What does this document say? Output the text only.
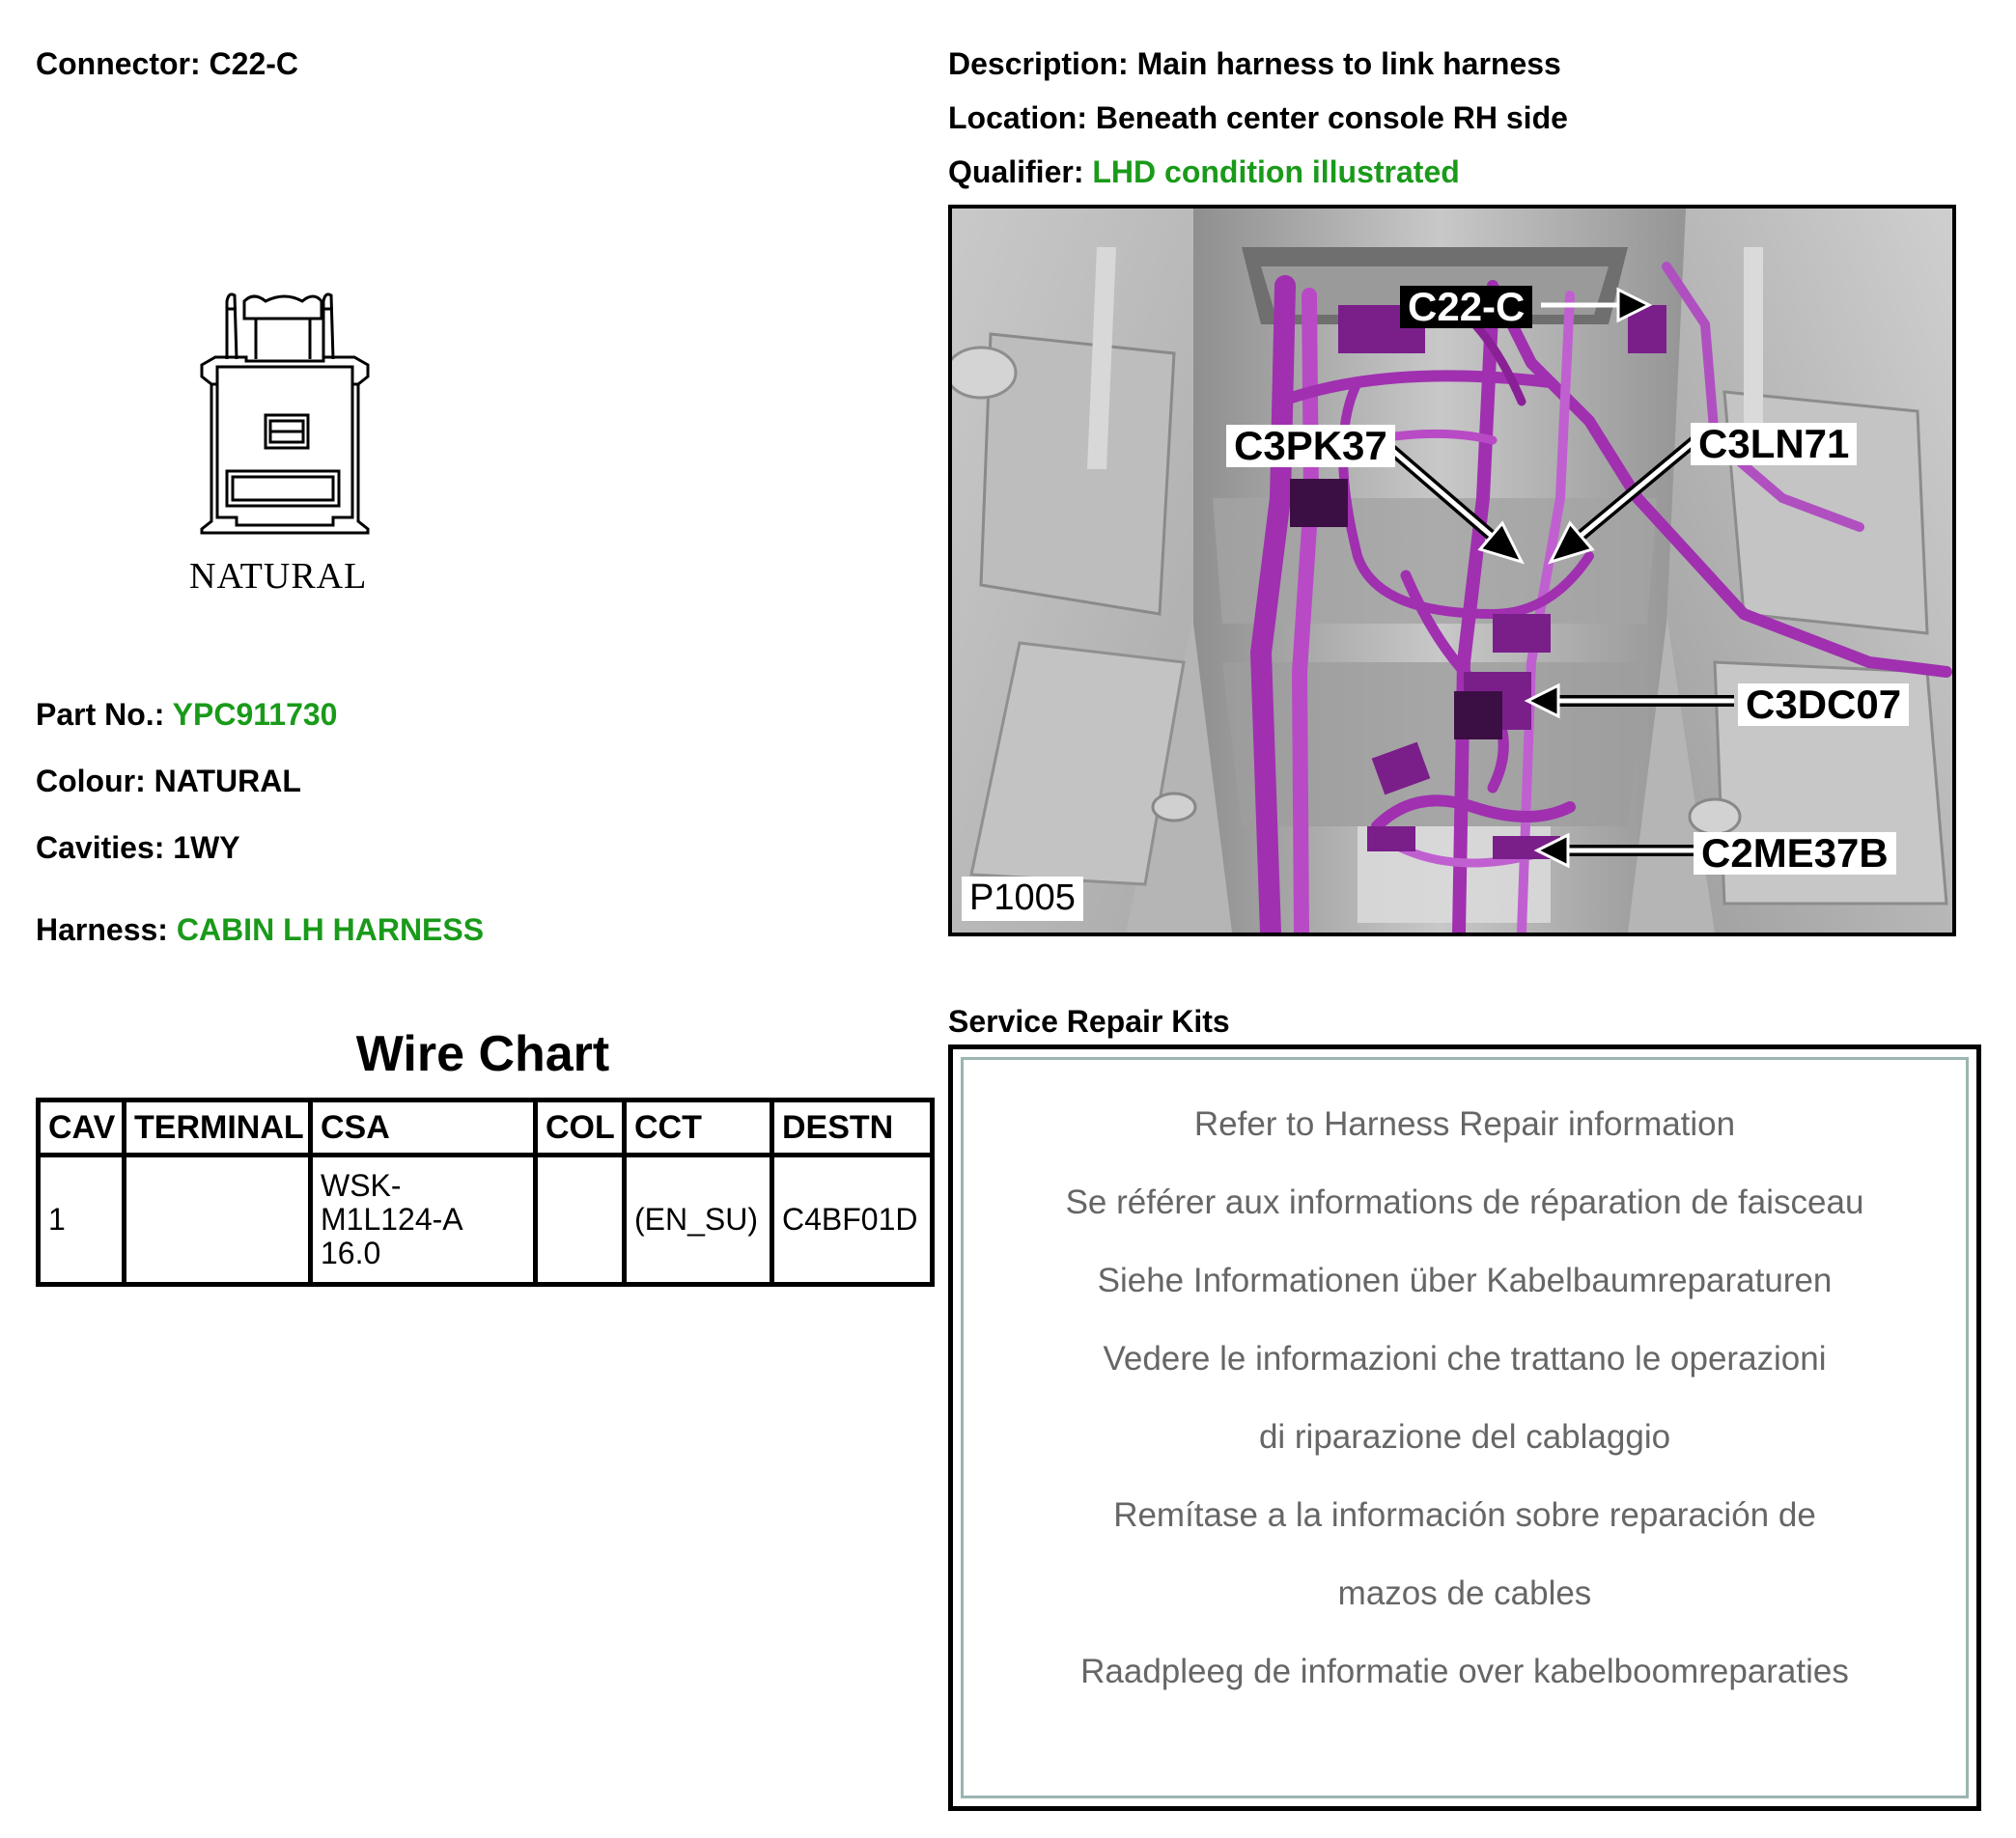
Connector: C22-C
NATURAL
Part No.: YPC911730
Colour: NATURAL
Cavities: 1WY
Harness: CABIN LH HARNESS
Wire Chart
CAV	TERMINAL	CSA	COL	CCT	DESTN
1		WSK-
M1L124-A
16.0		(EN_SU)	C4BF01D
Description: Main harness to link harness
Location: Beneath center console RH side
Qualifier: LHD condition illustrated
C22-C
C3PK37	C3LN71
C3DC07
C2ME37B
P1005
Service Repair Kits
Refer to Harness Repair information
Se référer aux informations de réparation de faisceau
Siehe Informationen über Kabelbaumreparaturen
Vedere le informazioni che trattano le operazioni
di riparazione del cablaggio
Remítase a la información sobre reparación de
mazos de cables
Raadpleeg de informatie over kabelboomreparaties
